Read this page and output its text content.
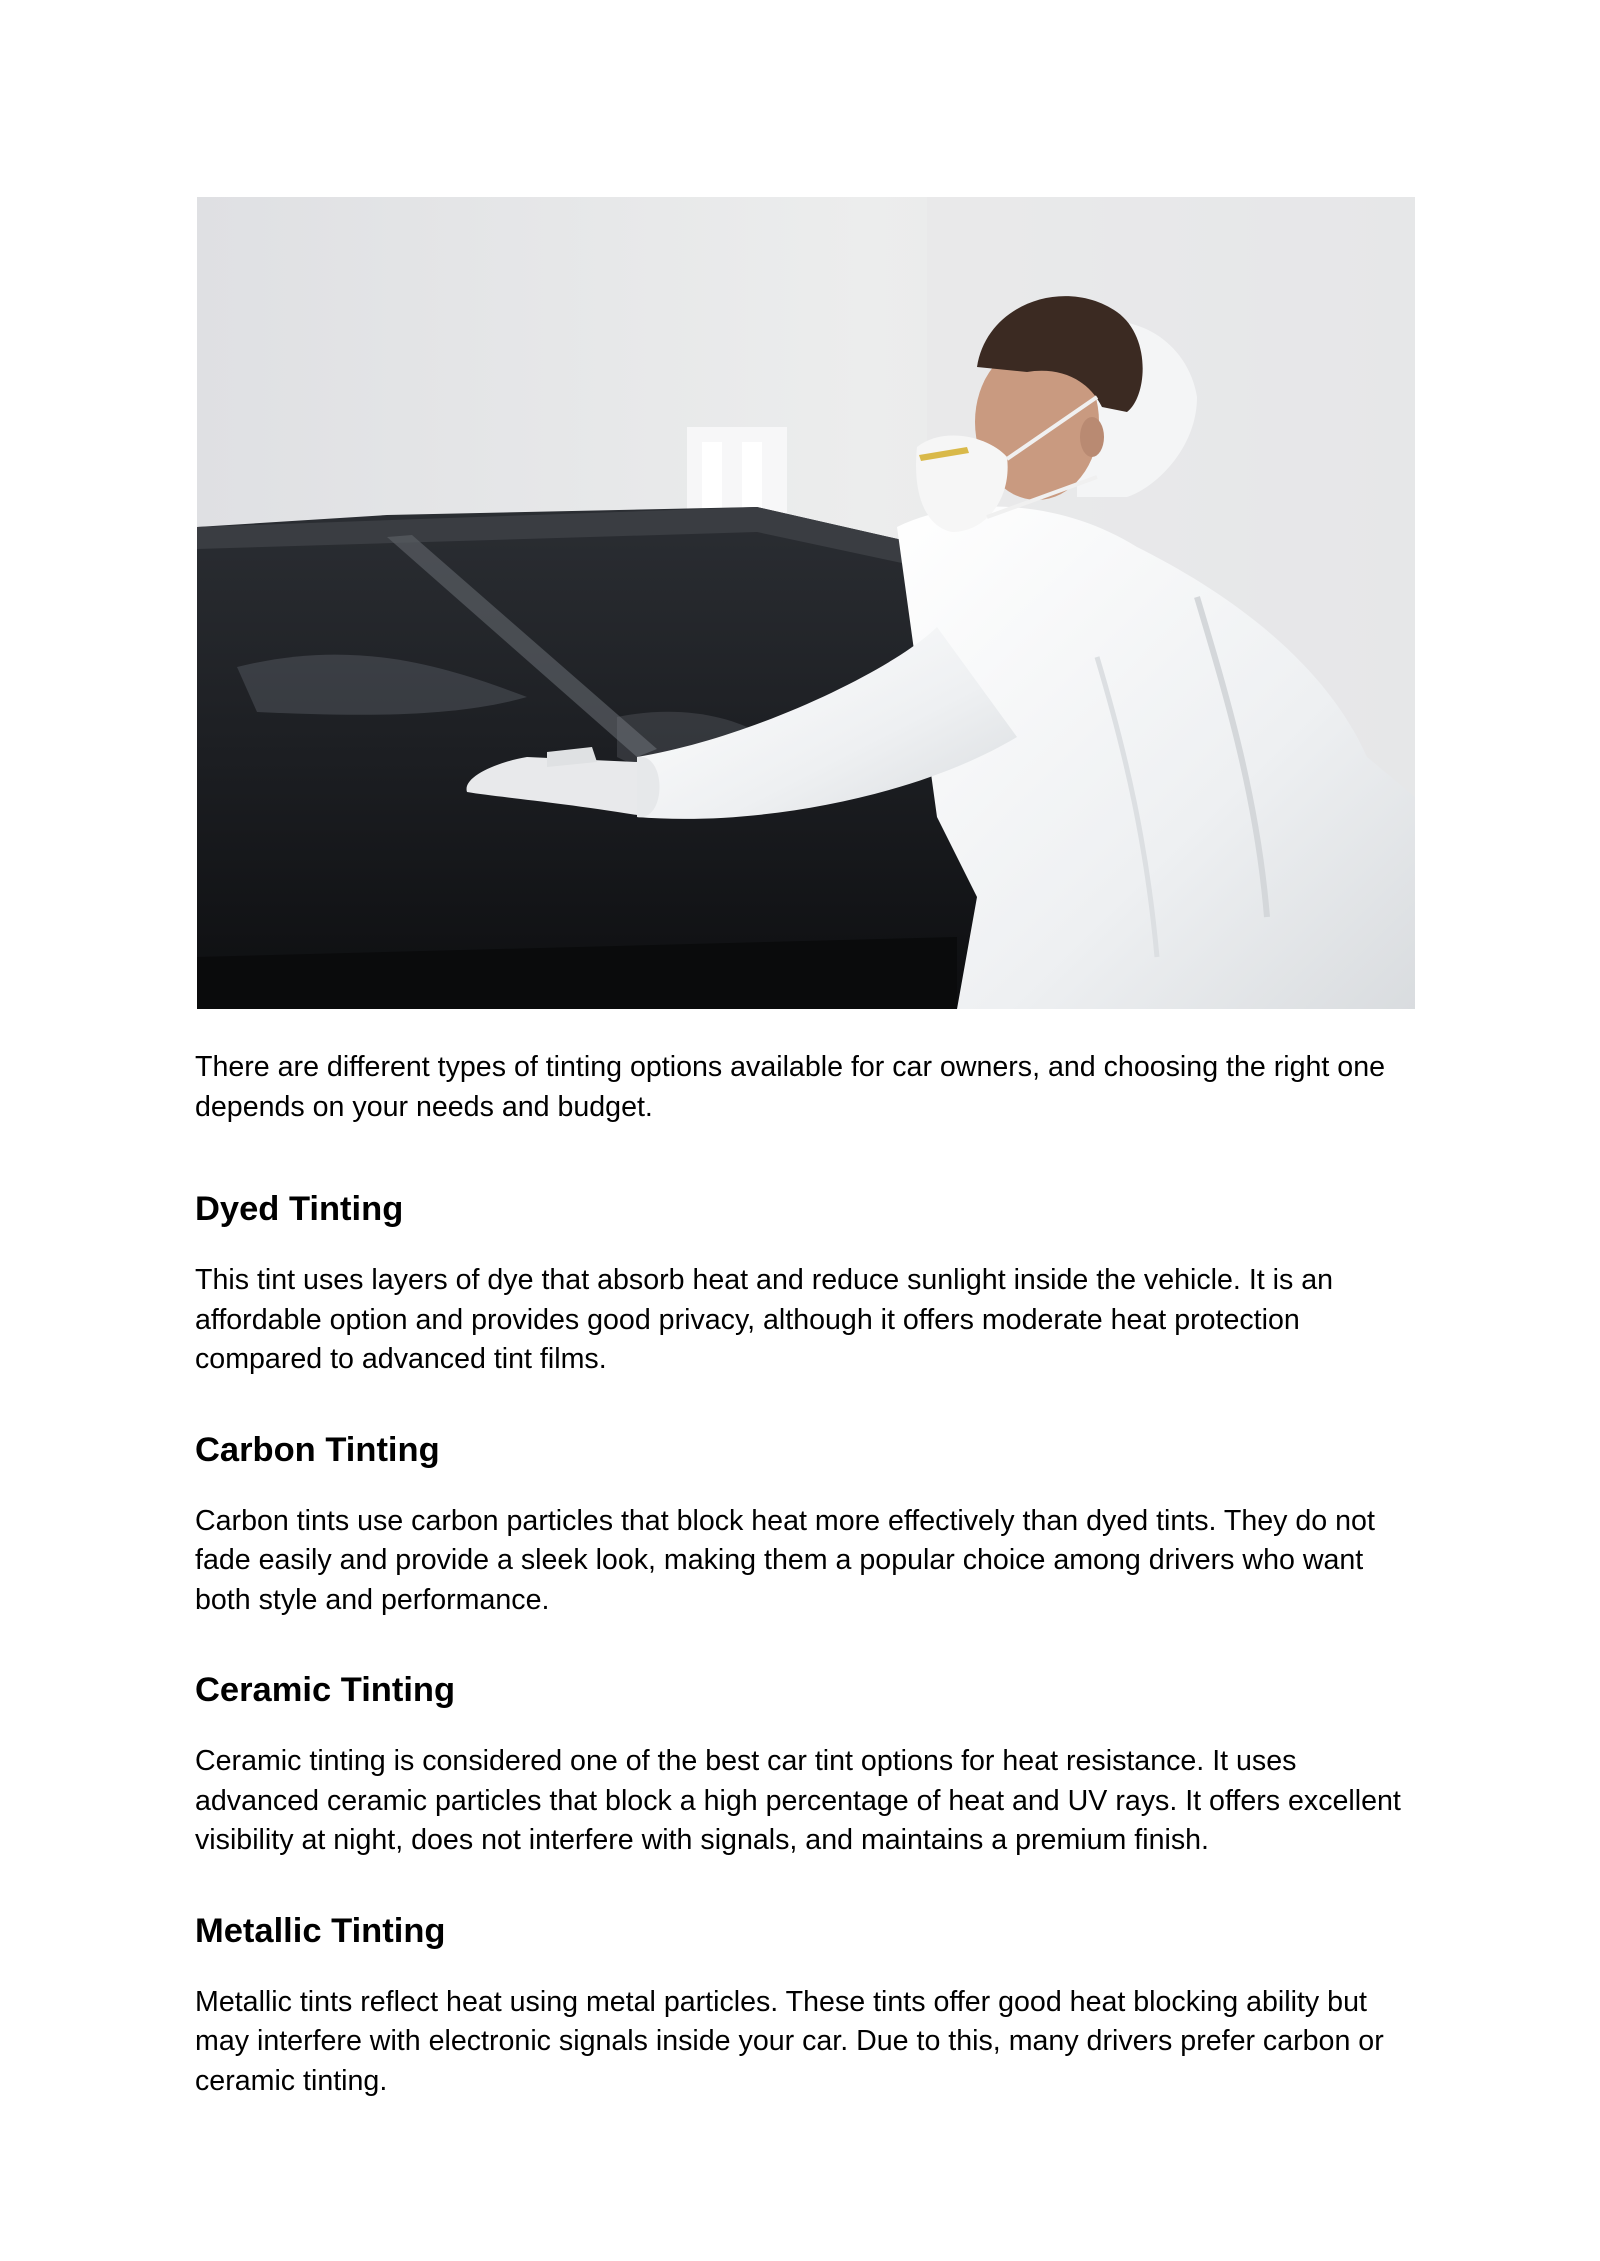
There are different types of tinting options available for car owners, and choosing the right one depends on your needs and budget.

Dyed Tinting

This tint uses layers of dye that absorb heat and reduce sunlight inside the vehicle. It is an affordable option and provides good privacy, although it offers moderate heat protection compared to advanced tint films.

Carbon Tinting

Carbon tints use carbon particles that block heat more effectively than dyed tints. They do not fade easily and provide a sleek look, making them a popular choice among drivers who want both style and performance.

Ceramic Tinting

Ceramic tinting is considered one of the best car tint options for heat resistance. It uses advanced ceramic particles that block a high percentage of heat and UV rays. It offers excellent visibility at night, does not interfere with signals, and maintains a premium finish.

Metallic Tinting

Metallic tints reflect heat using metal particles. These tints offer good heat blocking ability but may interfere with electronic signals inside your car. Due to this, many drivers prefer carbon or ceramic tinting.
